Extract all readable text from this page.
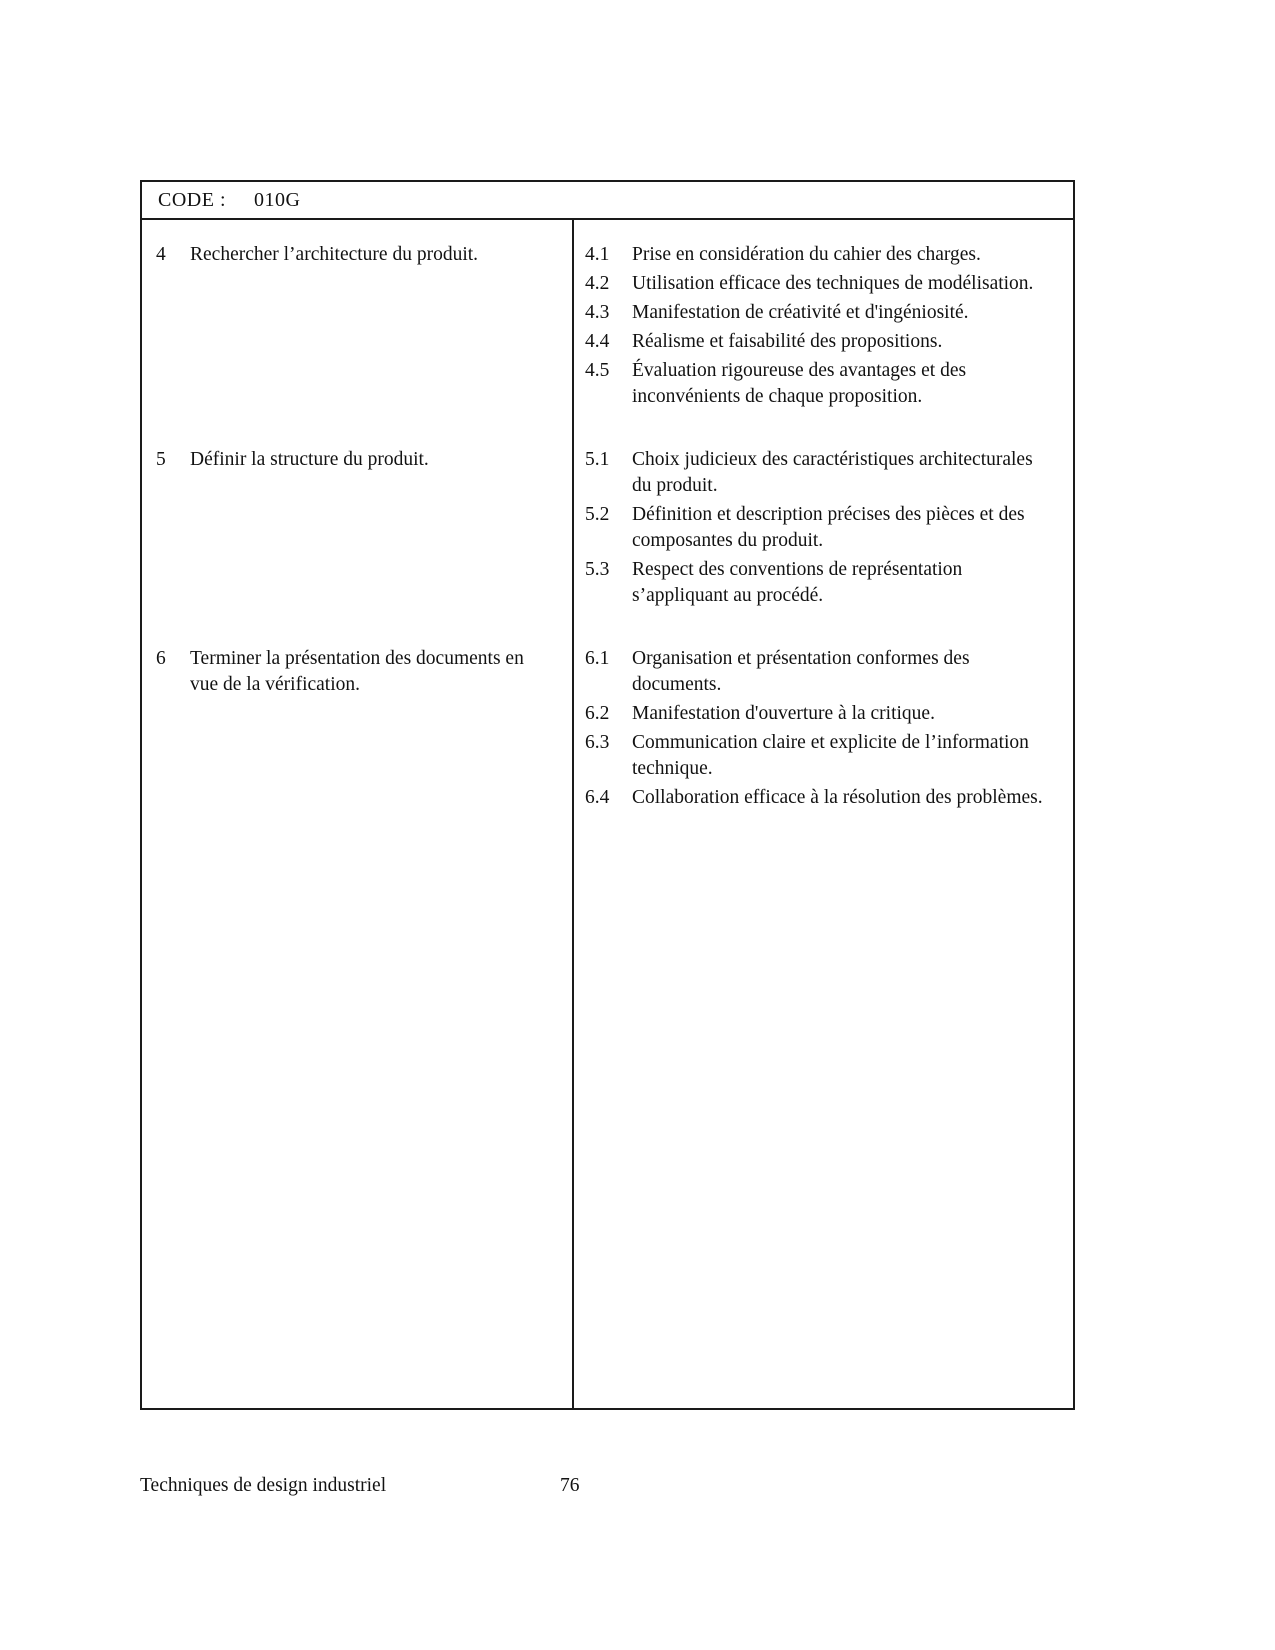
CODE : 010G
4	Rechercher l’architecture du produit.	4.1	Prise en considération du cahier des charges.
4.2	Utilisation efficace des techniques de modélisation.
4.3	Manifestation de créativité et d'ingéniosité.
4.4	Réalisme et faisabilité des propositions.
4.5	Évaluation rigoureuse des avantages et des inconvénients de chaque proposition.
5	Définir la structure du produit.	5.1	Choix judicieux des caractéristiques architecturales du produit.
5.2	Définition et description précises des pièces et des composantes du produit.
5.3	Respect des conventions de représentation s’appliquant au procédé.
6	Terminer la présentation des documents en vue de la vérification.
6.1	Organisation et présentation conformes des documents.
6.2	Manifestation d'ouverture à la critique.
6.3	Communication claire et explicite de l’information technique.
6.4	Collaboration efficace à la résolution des problèmes.
Techniques de design industriel	76
